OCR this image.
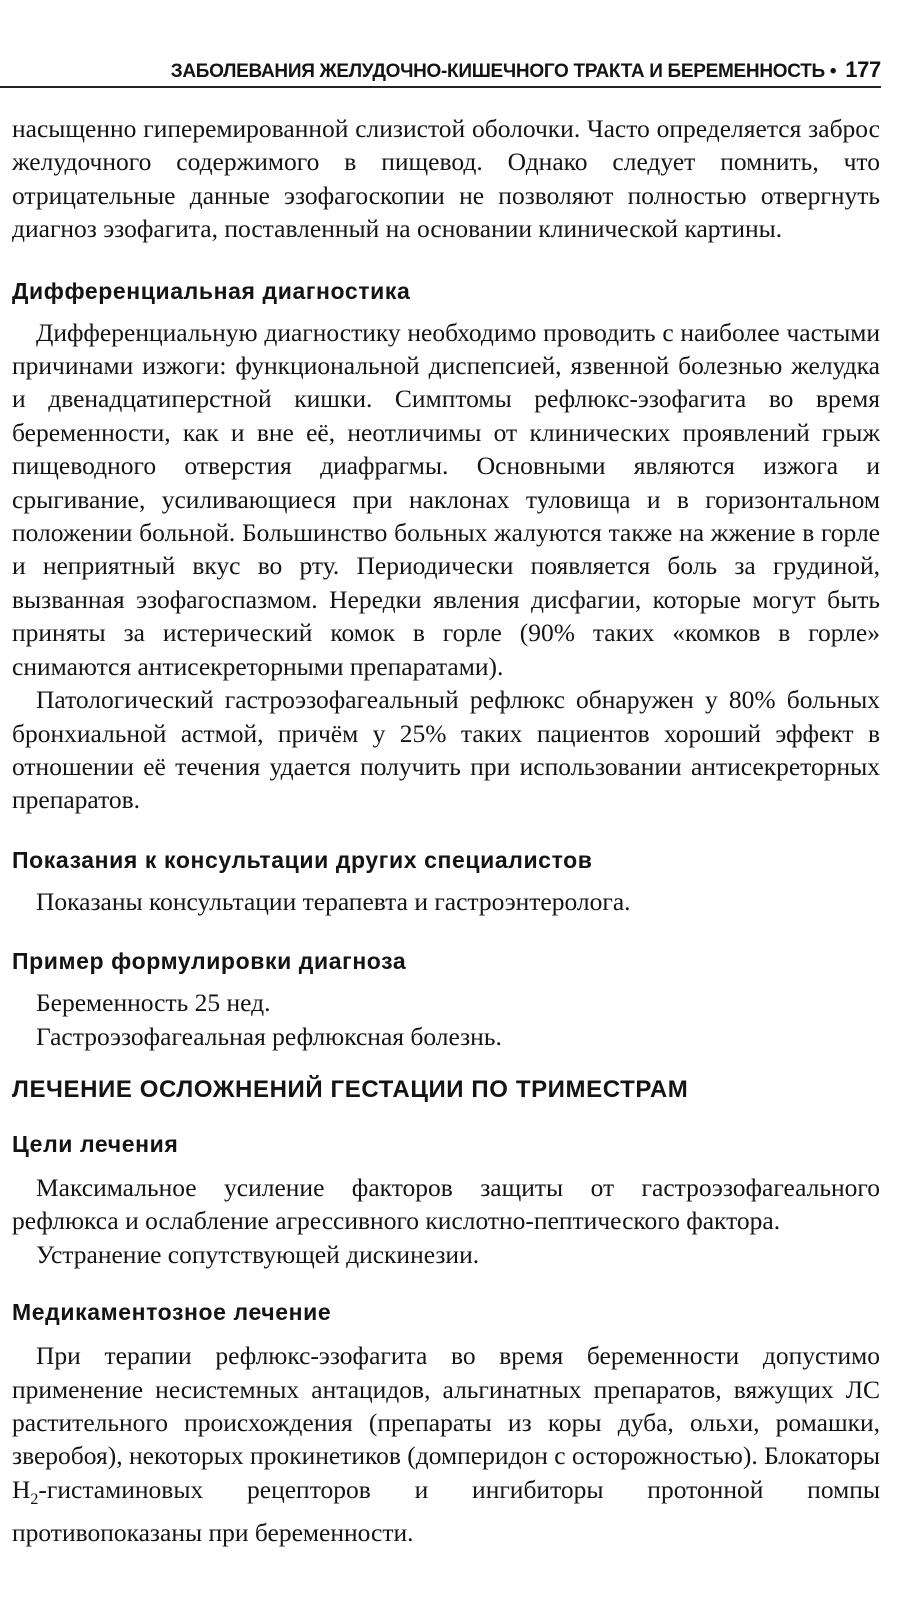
ЗАБОЛЕВАНИЯ ЖЕЛУДОЧНО-КИШЕЧНОГО ТРАКТА И БЕРЕМЕННОСТЬ • 177

насыщенно гиперемированной слизистой оболочки. Часто определяется заброс желудочного содержимого в пищевод. Однако следует помнить, что отрицательные данные эзофагоскопии не позволяют полностью отвергнуть диагноз эзофагита, поставленный на основании клинической картины.

Дифференциальная диагностика

Дифференциальную диагностику необходимо проводить с наиболее частыми причинами изжоги: функциональной диспепсией, язвенной болезнью желудка и двенадцатиперстной кишки. Симптомы рефлюкс-эзофагита во время беременности, как и вне её, неотличимы от клинических проявлений грыж пищеводного отверстия диафрагмы. Основными являются изжога и срыгивание, усиливающиеся при наклонах туловища и в горизонтальном положении больной. Большинство больных жалуются также на жжение в горле и неприятный вкус во рту. Периодически появляется боль за грудиной, вызванная эзофагоспазмом. Нередки явления дисфагии, которые могут быть приняты за истерический комок в горле (90% таких «комков в горле» снимаются антисекреторными препаратами).

Патологический гастроэзофагеальный рефлюкс обнаружен у 80% больных бронхиальной астмой, причём у 25% таких пациентов хороший эффект в отношении её течения удается получить при использовании антисекреторных препаратов.

Показания к консультации других специалистов

Показаны консультации терапевта и гастроэнтеролога.

Пример формулировки диагноза

Беременность 25 нед.

Гастроэзофагеальная рефлюксная болезнь.

ЛЕЧЕНИЕ ОСЛОЖНЕНИЙ ГЕСТАЦИИ ПО ТРИМЕСТРАМ
Цели лечения

Максимальное усиление факторов защиты от гастроэзофагеального рефлюкса и ослабление агрессивного кислотно-пептического фактора.

Устранение сопутствующей дискинезии.

Медикаментозное лечение

При терапии рефлюкс-эзофагита во время беременности допустимо применение несистемных антацидов, альгинатных препаратов, вяжущих ЛС растительного происхождения (препараты из коры дуба, ольхи, ромашки, зверобоя), некоторых прокинетиков (домперидон с осторожностью). Блокаторы $H_2$-гистаминовых рецепторов и ингибиторы протонной помпы противопоказаны при беременности.
